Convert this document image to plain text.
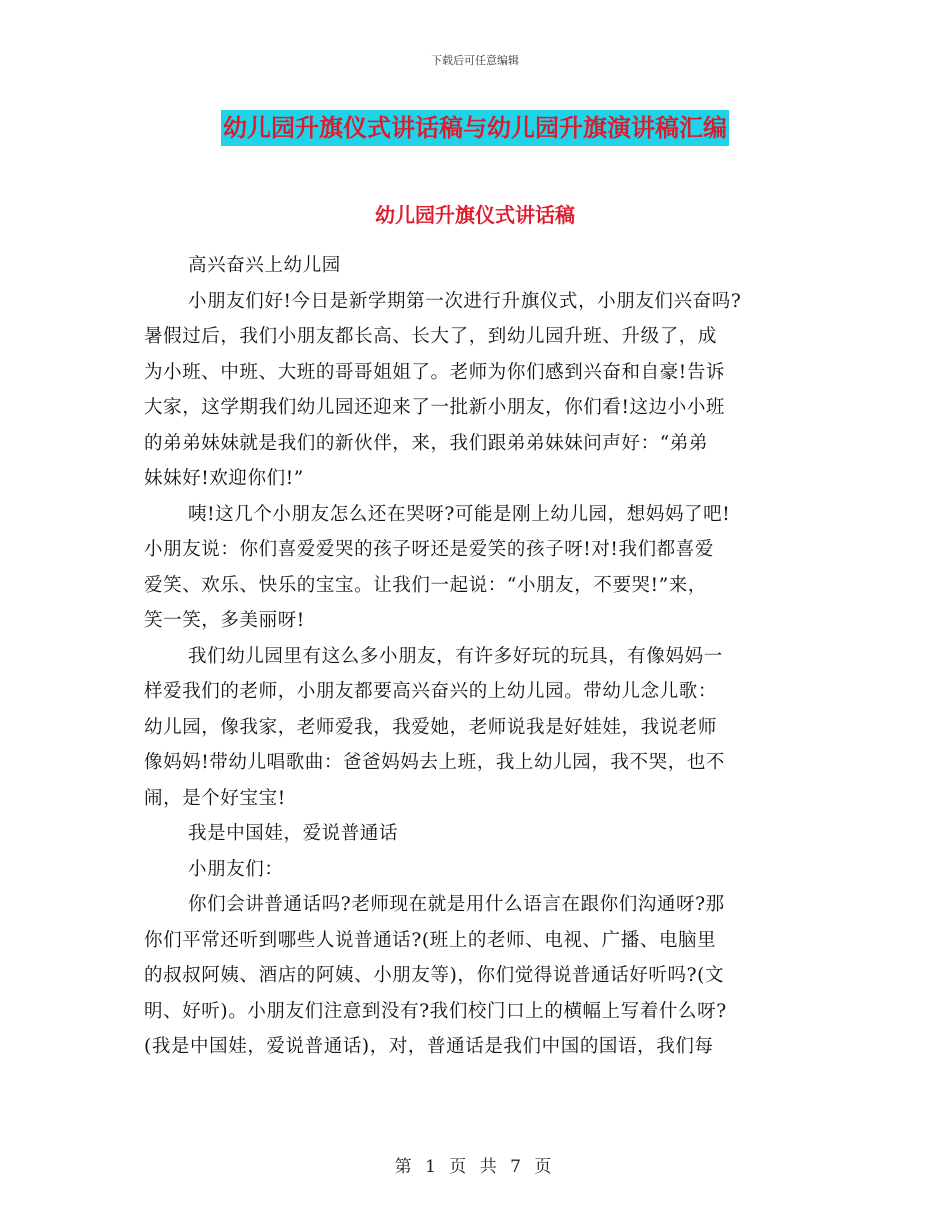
下载后可任意编辑
幼儿园升旗仪式讲话稿与幼儿园升旗演讲稿汇编
幼儿园升旗仪式讲话稿
高兴奋兴上幼儿园
小朋友们好!今日是新学期第一次进行升旗仪式，小朋友们兴奋吗?
暑假过后，我们小朋友都长高、长大了，到幼儿园升班、升级了，成
为小班、中班、大班的哥哥姐姐了。老师为你们感到兴奋和自豪!告诉
大家，这学期我们幼儿园还迎来了一批新小朋友，你们看!这边小小班
的弟弟妹妹就是我们的新伙伴，来，我们跟弟弟妹妹问声好：“弟弟
妹妹好!欢迎你们!”
咦!这几个小朋友怎么还在哭呀?可能是刚上幼儿园，想妈妈了吧!
小朋友说：你们喜爱爱哭的孩子呀还是爱笑的孩子呀!对!我们都喜爱
爱笑、欢乐、快乐的宝宝。让我们一起说：“小朋友，不要哭!”来，
笑一笑，多美丽呀!
我们幼儿园里有这么多小朋友，有许多好玩的玩具，有像妈妈一
样爱我们的老师，小朋友都要高兴奋兴的上幼儿园。带幼儿念儿歌：
幼儿园，像我家，老师爱我，我爱她，老师说我是好娃娃，我说老师
像妈妈!带幼儿唱歌曲：爸爸妈妈去上班，我上幼儿园，我不哭，也不
闹，是个好宝宝!
我是中国娃，爱说普通话
小朋友们：
你们会讲普通话吗?老师现在就是用什么语言在跟你们沟通呀?那
你们平常还听到哪些人说普通话?(班上的老师、电视、广播、电脑里
的叔叔阿姨、酒店的阿姨、小朋友等)，你们觉得说普通话好听吗?(文
明、好听)。小朋友们注意到没有?我们校门口上的横幅上写着什么呀?
(我是中国娃，爱说普通话)，对，普通话是我们中国的国语，我们每
第 1 页 共 7 页
